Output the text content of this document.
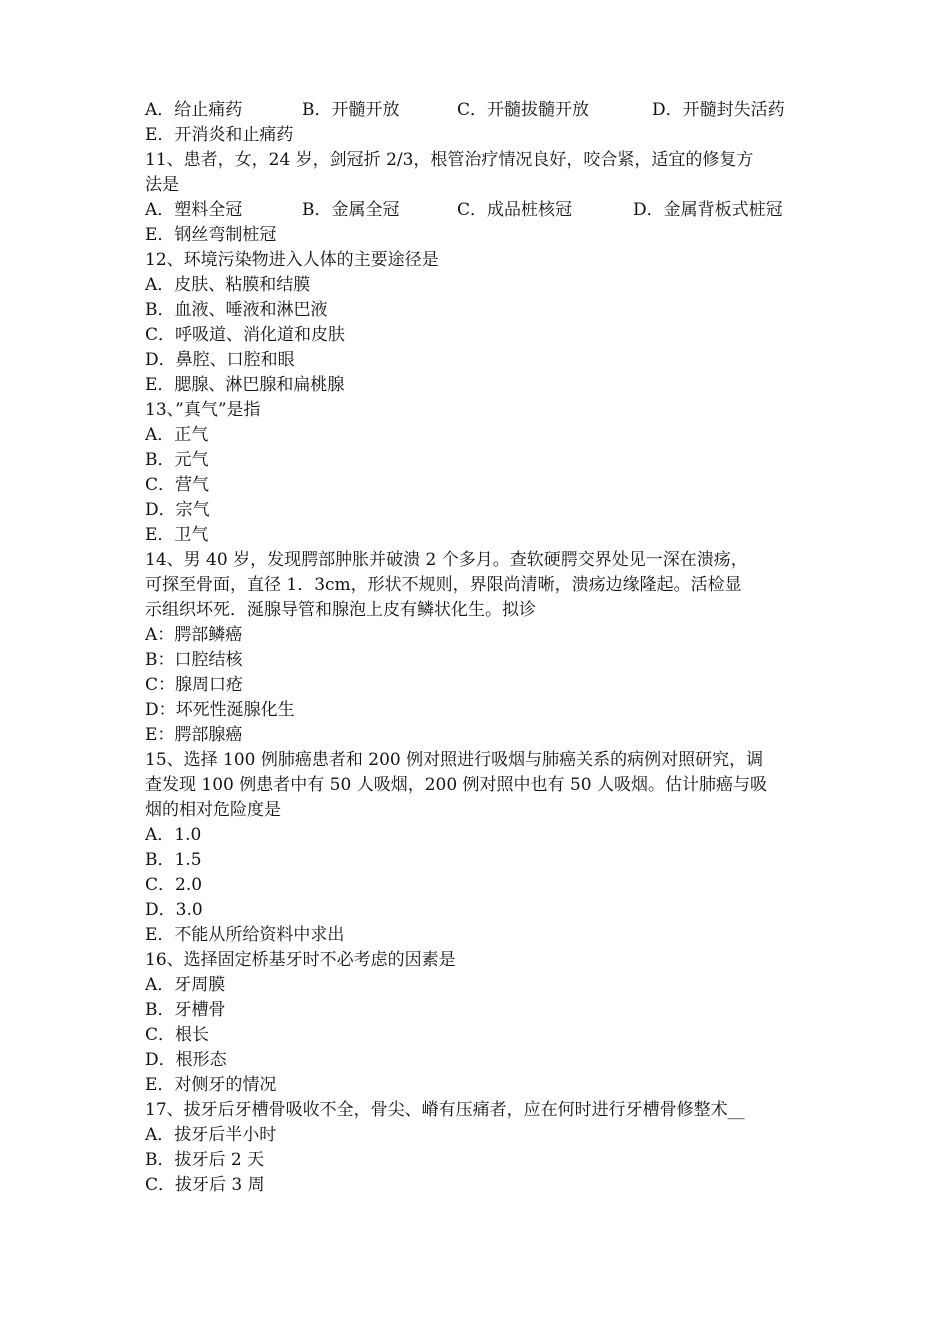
A．给止痛药	B．开髓开放	C．开髓拔髓开放	D．开髓封失活药
E．开消炎和止痛药
11、患者，女，24 岁，剑冠折 2/3，根管治疗情况良好，咬合紧，适宜的修复方
法是
A．塑料全冠	B．金属全冠	C．成品桩核冠	D．金属背板式桩冠
E．钢丝弯制桩冠
12、环境污染物进入人体的主要途径是
A．皮肤、粘膜和结膜
B．血液、唾液和淋巴液
C．呼吸道、消化道和皮肤
D．鼻腔、口腔和眼
E．腮腺、淋巴腺和扁桃腺
13、”真气”是指
A．正气
B．元气
C．营气
D．宗气
E．卫气
14、男 40 岁，发现腭部肿胀并破溃 2 个多月。查软硬腭交界处见一深在溃疡，
可探至骨面，直径 1．3cm，形状不规则，界限尚清晰，溃疡边缘隆起。活检显
示组织坏死．涎腺导管和腺泡上皮有鳞状化生。拟诊
A：腭部鳞癌
B：口腔结核
C：腺周口疮
D：坏死性涎腺化生
E：腭部腺癌
15、选择 100 例肺癌患者和 200 例对照进行吸烟与肺癌关系的病例对照研究，调
查发现 100 例患者中有 50 人吸烟，200 例对照中也有 50 人吸烟。估计肺癌与吸
烟的相对危险度是
A．1.0
B．1.5
C．2.0
D．3.0
E．不能从所给资料中求出
16、选择固定桥基牙时不必考虑的因素是
A．牙周膜
B．牙槽骨
C．根长
D．根形态
E．对侧牙的情况
17、拔牙后牙槽骨吸收不全，骨尖、嵴有压痛者，应在何时进行牙槽骨修整术__
A．拔牙后半小时
B．拔牙后 2 天
C．拔牙后 3 周
